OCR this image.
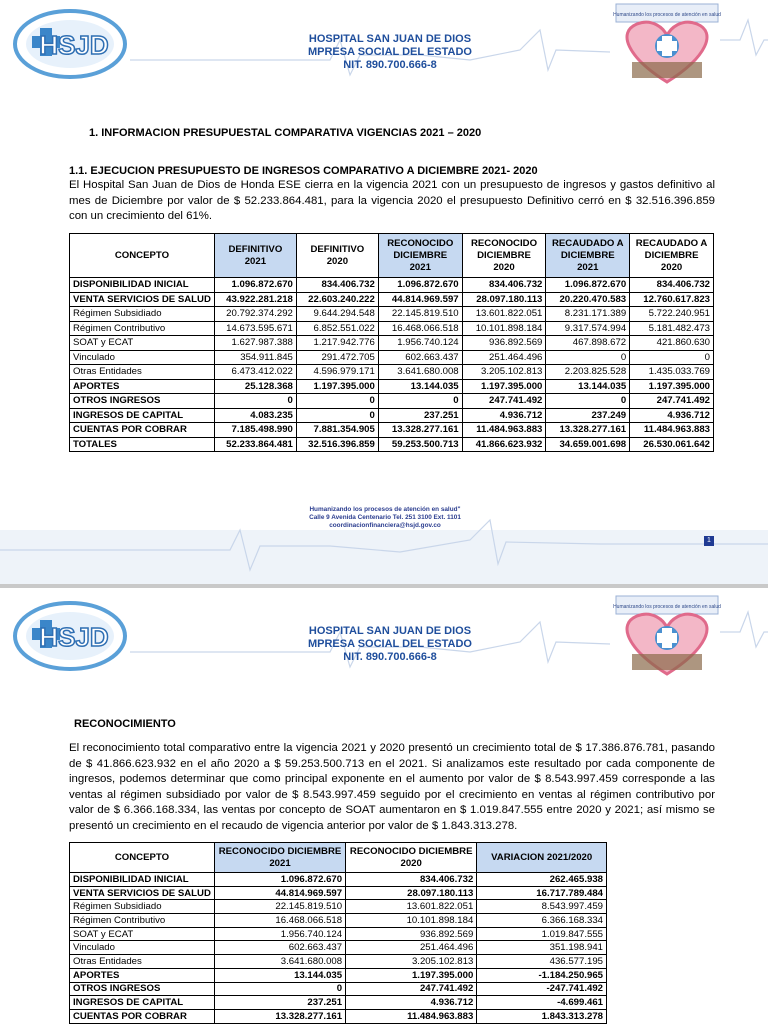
HSJD	HOSPITAL SAN JUAN DE DIOS
MPRESA SOCIAL DEL ESTADO
NIT. 890.700.666-8
Humanizando los procesos de atención en salud
1. INFORMACION PRESUPUESTAL COMPARATIVA VIGENCIAS 2021 – 2020
1.1. EJECUCION PRESUPUESTO DE INGRESOS COMPARATIVO A DICIEMBRE 2021- 2020
El Hospital San Juan de Dios de Honda ESE cierra en la vigencia 2021 con un presupuesto de ingresos y gastos definitivo al mes de Diciembre por valor de $ 52.233.864.481, para la vigencia 2020 el presupuesto Definitivo cerró en $ 32.516.396.859 con un crecimiento del 61%.
CONCEPTO	DEFINITIVO 2021	DEFINITIVO 2020	RECONOCIDO DICIEMBRE 2021	RECONOCIDO DICIEMBRE 2020	RECAUDADO A DICIEMBRE 2021	RECAUDADO A DICIEMBRE 2020
DISPONIBILIDAD INICIAL	1.096.872.670	834.406.732	1.096.872.670	834.406.732	1.096.872.670	834.406.732
VENTA SERVICIOS DE SALUD	43.922.281.218	22.603.240.222	44.814.969.597	28.097.180.113	20.220.470.583	12.760.617.823
Régimen Subsidiado	20.792.374.292	9.644.294.548	22.145.819.510	13.601.822.051	8.231.171.389	5.722.240.951
Régimen Contributivo	14.673.595.671	6.852.551.022	16.468.066.518	10.101.898.184	9.317.574.994	5.181.482.473
SOAT y ECAT	1.627.987.388	1.217.942.776	1.956.740.124	936.892.569	467.898.672	421.860.630
Vinculado	354.911.845	291.472.705	602.663.437	251.464.496	0	0
Otras Entidades	6.473.412.022	4.596.979.171	3.641.680.008	3.205.102.813	2.203.825.528	1.435.033.769
APORTES	25.128.368	1.197.395.000	13.144.035	1.197.395.000	13.144.035	1.197.395.000
OTROS INGRESOS	0	0	0	247.741.492	0	247.741.492
INGRESOS DE CAPITAL	4.083.235	0	237.251	4.936.712	237.249	4.936.712
CUENTAS POR COBRAR	7.185.498.990	7.881.354.905	13.328.277.161	11.484.963.883	13.328.277.161	11.484.963.883
TOTALES	52.233.864.481	32.516.396.859	59.253.500.713	41.866.623.932	34.659.001.698	26.530.061.642
Humanizando los procesos de atención en salud"
Calle 9 Avenida Centenario Tel. 251 3100 Ext. 1101
coordinacionfinanciera@hsjd.gov.co
1
HSJD	HOSPITAL SAN JUAN DE DIOS
MPRESA SOCIAL DEL ESTADO
NIT. 890.700.666-8
Humanizando los procesos de atención en salud
RECONOCIMIENTO
El reconocimiento total comparativo entre la vigencia 2021 y 2020 presentó un crecimiento total de $ 17.386.876.781, pasando de $ 41.866.623.932 en el año 2020 a $ 59.253.500.713 en el 2021. Si analizamos este resultado por cada componente de ingresos, podemos determinar que como principal exponente en el aumento por valor de $ 8.543.997.459 corresponde a las ventas al régimen subsidiado por valor de $ 8.543.997.459 seguido por el crecimiento en ventas al régimen contributivo por valor de $ 6.366.168.334, las ventas por concepto de SOAT aumentaron en $ 1.019.847.555 entre 2020 y 2021; así mismo se presentó un crecimiento en el recaudo de vigencia anterior por valor de $ 1.843.313.278.
CONCEPTO	RECONOCIDO DICIEMBRE 2021	RECONOCIDO DICIEMBRE 2020	VARIACION 2021/2020
DISPONIBILIDAD INICIAL	1.096.872.670	834.406.732	262.465.938
VENTA SERVICIOS DE SALUD	44.814.969.597	28.097.180.113	16.717.789.484
Régimen Subsidiado	22.145.819.510	13.601.822.051	8.543.997.459
Régimen Contributivo	16.468.066.518	10.101.898.184	6.366.168.334
SOAT y ECAT	1.956.740.124	936.892.569	1.019.847.555
Vinculado	602.663.437	251.464.496	351.198.941
Otras Entidades	3.641.680.008	3.205.102.813	436.577.195
APORTES	13.144.035	1.197.395.000	-1.184.250.965
OTROS INGRESOS	0	247.741.492	-247.741.492
INGRESOS DE CAPITAL	237.251	4.936.712	-4.699.461
CUENTAS POR COBRAR	13.328.277.161	11.484.963.883	1.843.313.278
